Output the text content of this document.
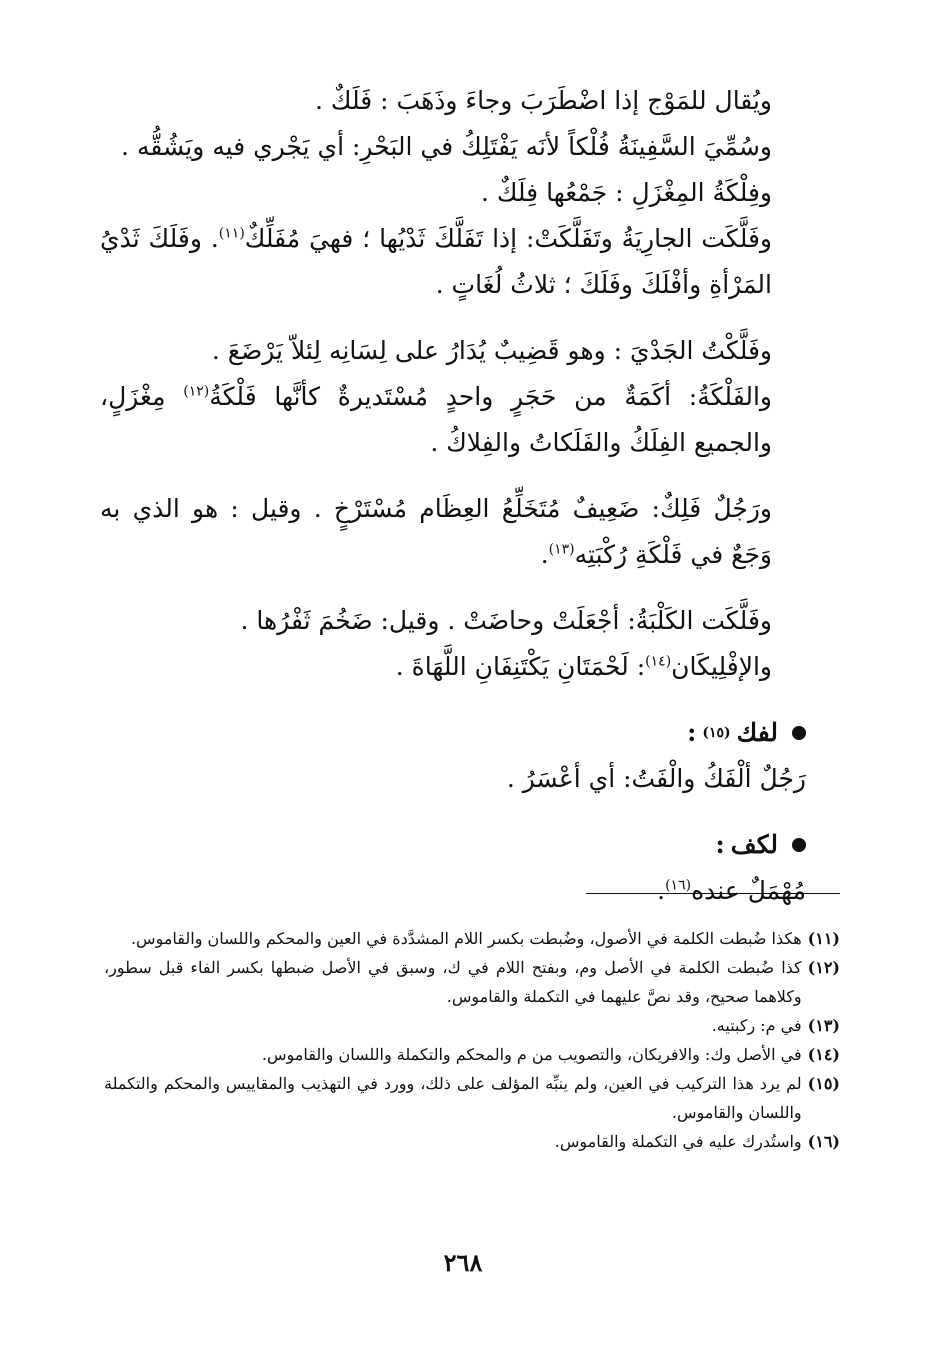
ويُقال للمَوْج إذا اضْطَرَبَ وجاءَ وذَهَبَ : فَلَكٌ .

وسُمِّيَ السَّفِينَةُ فُلْكاً لأنَه يَفْتَلِكُ في البَحْرِ: أي يَجْري فيه ويَشُقُّه .

وفِلْكَةُ المِغْزَلِ : جَمْعُها فِلَكٌ .

وفَلَّكَت الجارِيَةُ وتَفَلَّكَتْ: إذا تَفَلَّكَ ثَدْيُها ؛ فهيَ مُفَلِّكٌ$^{(١١)}$. وفَلَكَ ثَدْيُ المَرْأةِ وأفْلَكَ وفَلَكَ ؛ ثلاثُ لُغَاتٍ .

وفَلَّكْتُ الجَدْيَ : وهو قَضِيبٌ يُدَارُ على لِسَانِه لِئلاّ يَرْضَعَ .

والفَلْكَةُ: أكَمَةٌ من حَجَرٍ واحدٍ مُسْتَديرةٌ كأنَّها فَلْكَةُ$^{(١٢)}$ مِغْزَلٍ، والجميع الفِلَكُ والفَلَكاتُ والفِلاكُ .

ورَجُلٌ فَلِكٌ: ضَعِيفٌ مُتَخَلِّعُ العِظَام مُسْتَرْخٍ . وقيل : هو الذي به وَجَعٌ في فَلْكَةِ رُكْبَتِه$^{(١٣)}$.

وفَلَّكَت الكَلْبَةُ: أجْعَلَتْ وحاضَتْ . وقيل: ضَخُمَ ثَفْرُها .

والإفْلِيكَان$^{(١٤)}$: لَحْمَتَانِ يَكْتَنِفَانِ اللَّهَاةَ .

لفك
(١٥)
:

رَجُلٌ ألْفَكُ والْفَتُ: أي أعْسَرُ .

لكف
:

مُهْمَلٌ عنده$^{(١٦)}$.

(١١)
هكذا ضُبطت الكلمة في الأصول، وضُبطت بكسر اللام المشدَّدة في العين والمحكم واللسان والقاموس.

(١٢)
كذا ضُبطت الكلمة في الأصل وم، وبفتح اللام في ك، وسبق في الأصل ضبطها بكسر الفاء قبل سطور، وكلاهما صحيح، وقد نصَّ عليهما في التكملة والقاموس.

(١٣)
في م: ركبتيه.

(١٤)
في الأصل وك: والافريكان، والتصويب من م والمحكم والتكملة واللسان والقاموس.

(١٥)
لم يرد هذا التركيب في العين، ولم ينبِّه المؤلف على ذلك، وورد في التهذيب والمقاييس والمحكم والتكملة واللسان والقاموس.

(١٦)
واستُدرك عليه في التكملة والقاموس.

٢٦٨
